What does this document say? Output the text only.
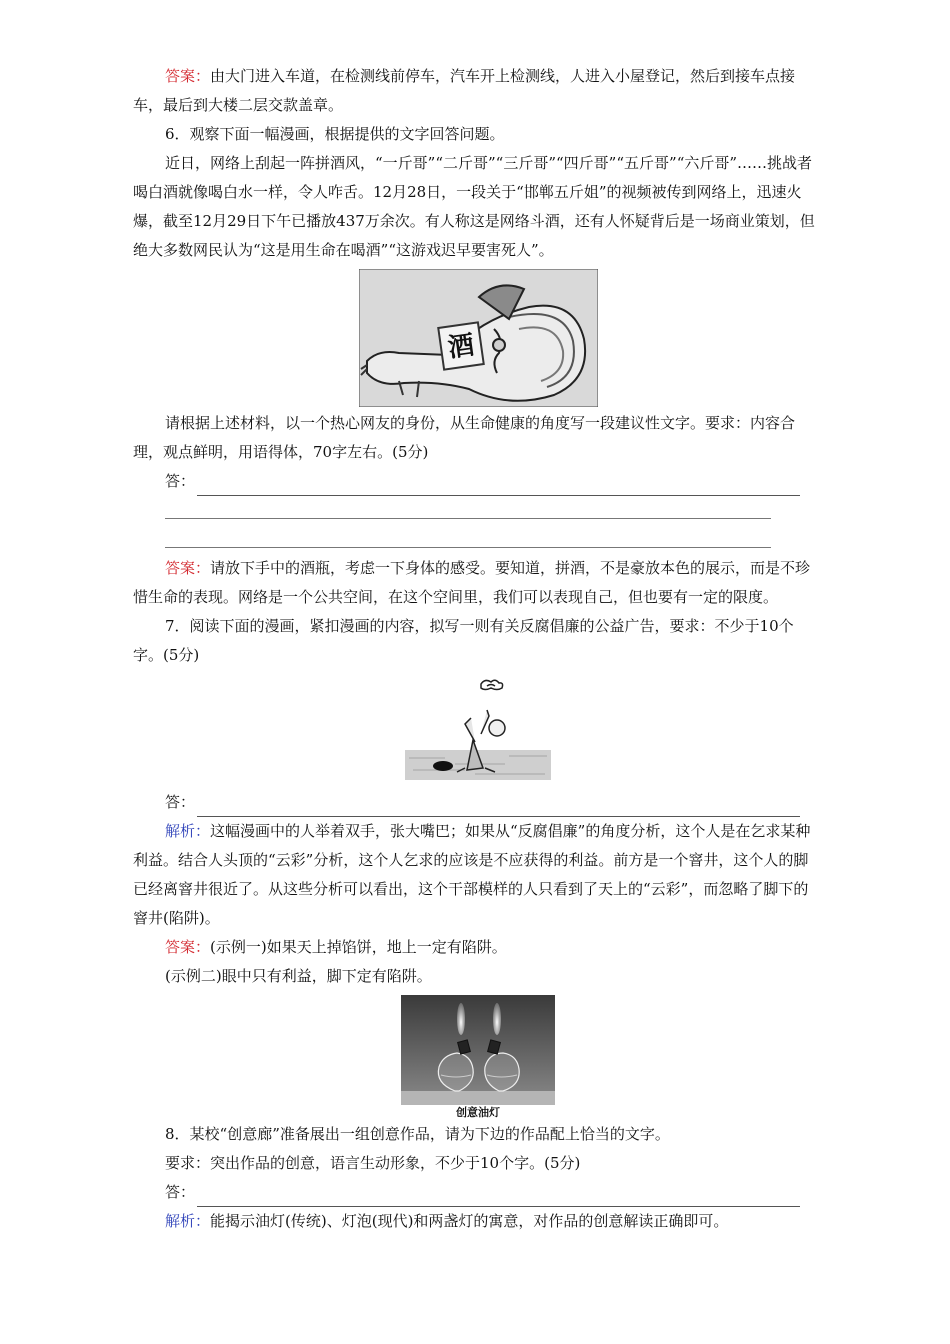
答案：由大门进入车道，在检测线前停车，汽车开上检测线，人进入小屋登记，然后到接车点接车，最后到大楼二层交款盖章。

6．观察下面一幅漫画，根据提供的文字回答问题。

近日，网络上刮起一阵拼酒风，“一斤哥”“二斤哥”“三斤哥”“四斤哥”“五斤哥”“六斤哥”……挑战者喝白酒就像喝白水一样，令人咋舌。12月28日，一段关于“邯郸五斤姐”的视频被传到网络上，迅速火爆，截至12月29日下午已播放437万余次。有人称这是网络斗酒，还有人怀疑背后是一场商业策划，但绝大多数网民认为“这是用生命在喝酒”“这游戏迟早要害死人”。

酒

请根据上述材料，以一个热心网友的身份，从生命健康的角度写一段建议性文字。要求：内容合理，观点鲜明，用语得体，70字左右。(5分)

答：

答案：请放下手中的酒瓶，考虑一下身体的感受。要知道，拼酒，不是豪放本色的展示，而是不珍惜生命的表现。网络是一个公共空间，在这个空间里，我们可以表现自己，但也要有一定的限度。

7．阅读下面的漫画，紧扣漫画的内容，拟写一则有关反腐倡廉的公益广告，要求：不少于10个字。(5分)

答：

解析：这幅漫画中的人举着双手，张大嘴巴；如果从“反腐倡廉”的角度分析，这个人是在乞求某种利益。结合人头顶的“云彩”分析，这个人乞求的应该是不应获得的利益。前方是一个窨井，这个人的脚已经离窨井很近了。从这些分析可以看出，这个干部模样的人只看到了天上的“云彩”，而忽略了脚下的窨井(陷阱)。

答案：(示例一)如果天上掉馅饼，地上一定有陷阱。

(示例二)眼中只有利益，脚下定有陷阱。

创意油灯

8．某校“创意廊”准备展出一组创意作品，请为下边的作品配上恰当的文字。

要求：突出作品的创意，语言生动形象，不少于10个字。(5分)

答：

解析：能揭示油灯(传统)、灯泡(现代)和两盏灯的寓意，对作品的创意解读正确即可。
